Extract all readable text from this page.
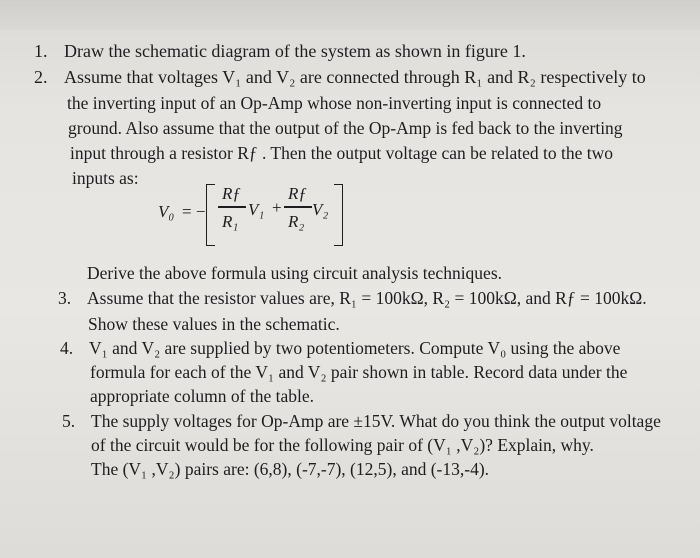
1. Draw the schematic diagram of the system as shown in figure 1.
2. Assume that voltages V₁ and V₂ are connected through R₁ and R₂ respectively to
the inverting input of an Op-Amp whose non-inverting input is connected to
ground. Also assume that the output of the Op-Amp is fed back to the inverting
input through a resistor Rƒ . Then the output voltage can be related to the two
inputs as:
V₀ = −
Rƒ
R₁
V₁ +
Rƒ
R₂
V₂
Derive the above formula using circuit analysis techniques.
3. Assume that the resistor values are, R₁ = 100kΩ, R₂ = 100kΩ, and Rƒ = 100kΩ.
Show these values in the schematic.
4. V₁ and V₂ are supplied by two potentiometers. Compute V₀ using the above
formula for each of the V₁ and V₂ pair shown in table. Record data under the
appropriate column of the table.
5. The supply voltages for Op-Amp are ±15V. What do you think the output voltage
of the circuit would be for the following pair of (V₁ ,V₂)? Explain, why.
The (V₁ ,V₂) pairs are: (6,8), (-7,-7), (12,5), and (-13,-4).
